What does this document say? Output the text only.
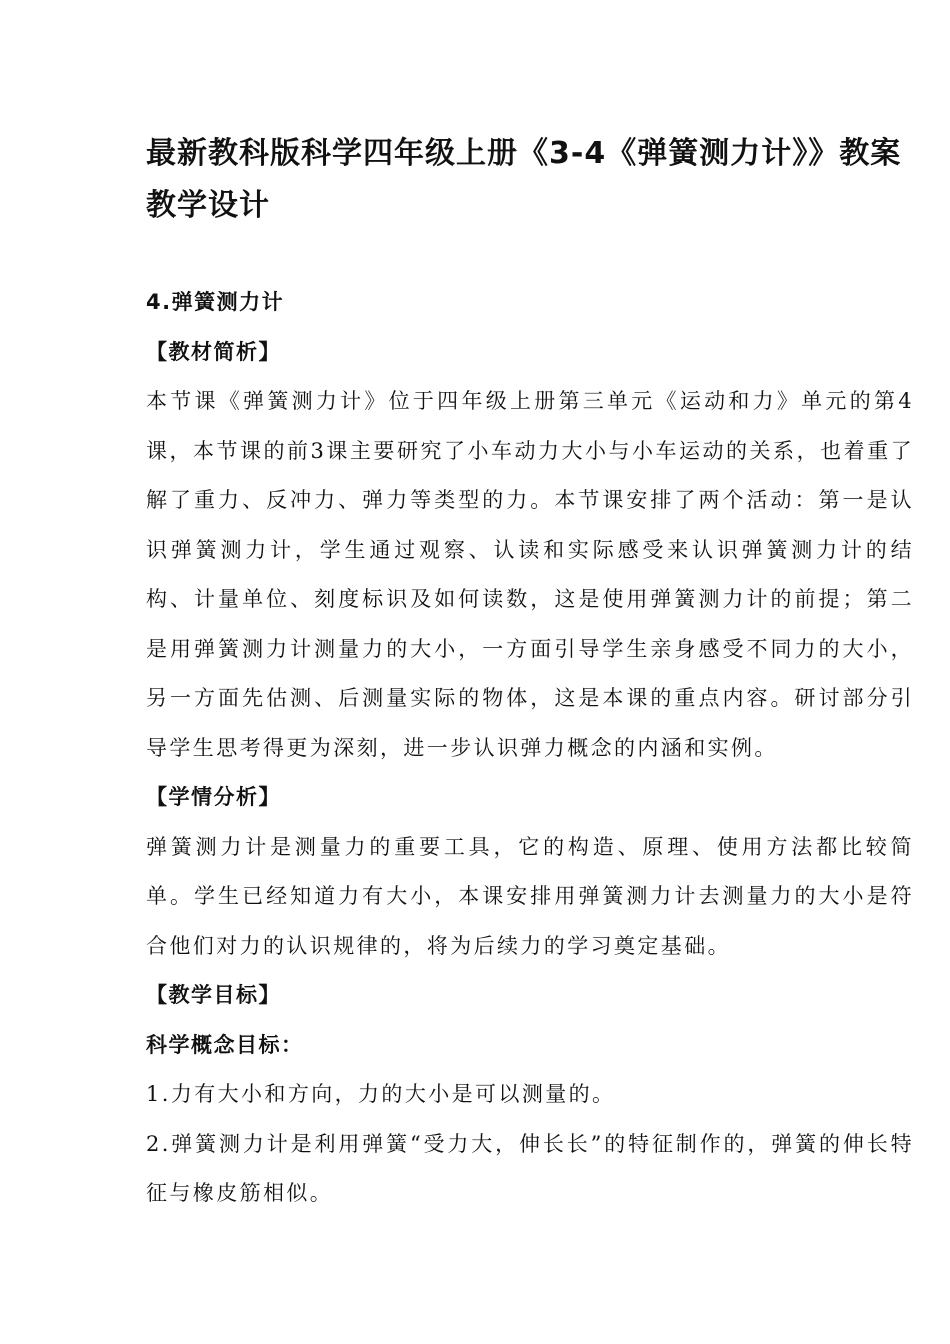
最新教科版科学四年级上册《3-4《弹簧测力计》》教案教学设计

4.弹簧测力计

【教材简析】

本节课《弹簧测力计》位于四年级上册第三单元《运动和力》单元的第4课，本节课的前3课主要研究了小车动力大小与小车运动的关系，也着重了解了重力、反冲力、弹力等类型的力。本节课安排了两个活动：第一是认识弹簧测力计，学生通过观察、认读和实际感受来认识弹簧测力计的结构、计量单位、刻度标识及如何读数，这是使用弹簧测力计的前提；第二是用弹簧测力计测量力的大小，一方面引导学生亲身感受不同力的大小，另一方面先估测、后测量实际的物体，这是本课的重点内容。研讨部分引导学生思考得更为深刻，进一步认识弹力概念的内涵和实例。

【学情分析】

弹簧测力计是测量力的重要工具，它的构造、原理、使用方法都比较简单。学生已经知道力有大小，本课安排用弹簧测力计去测量力的大小是符合他们对力的认识规律的，将为后续力的学习奠定基础。

【教学目标】

科学概念目标：

1.力有大小和方向，力的大小是可以测量的。

2.弹簧测力计是利用弹簧“受力大，伸长长”的特征制作的，弹簧的伸长特征与橡皮筋相似。
